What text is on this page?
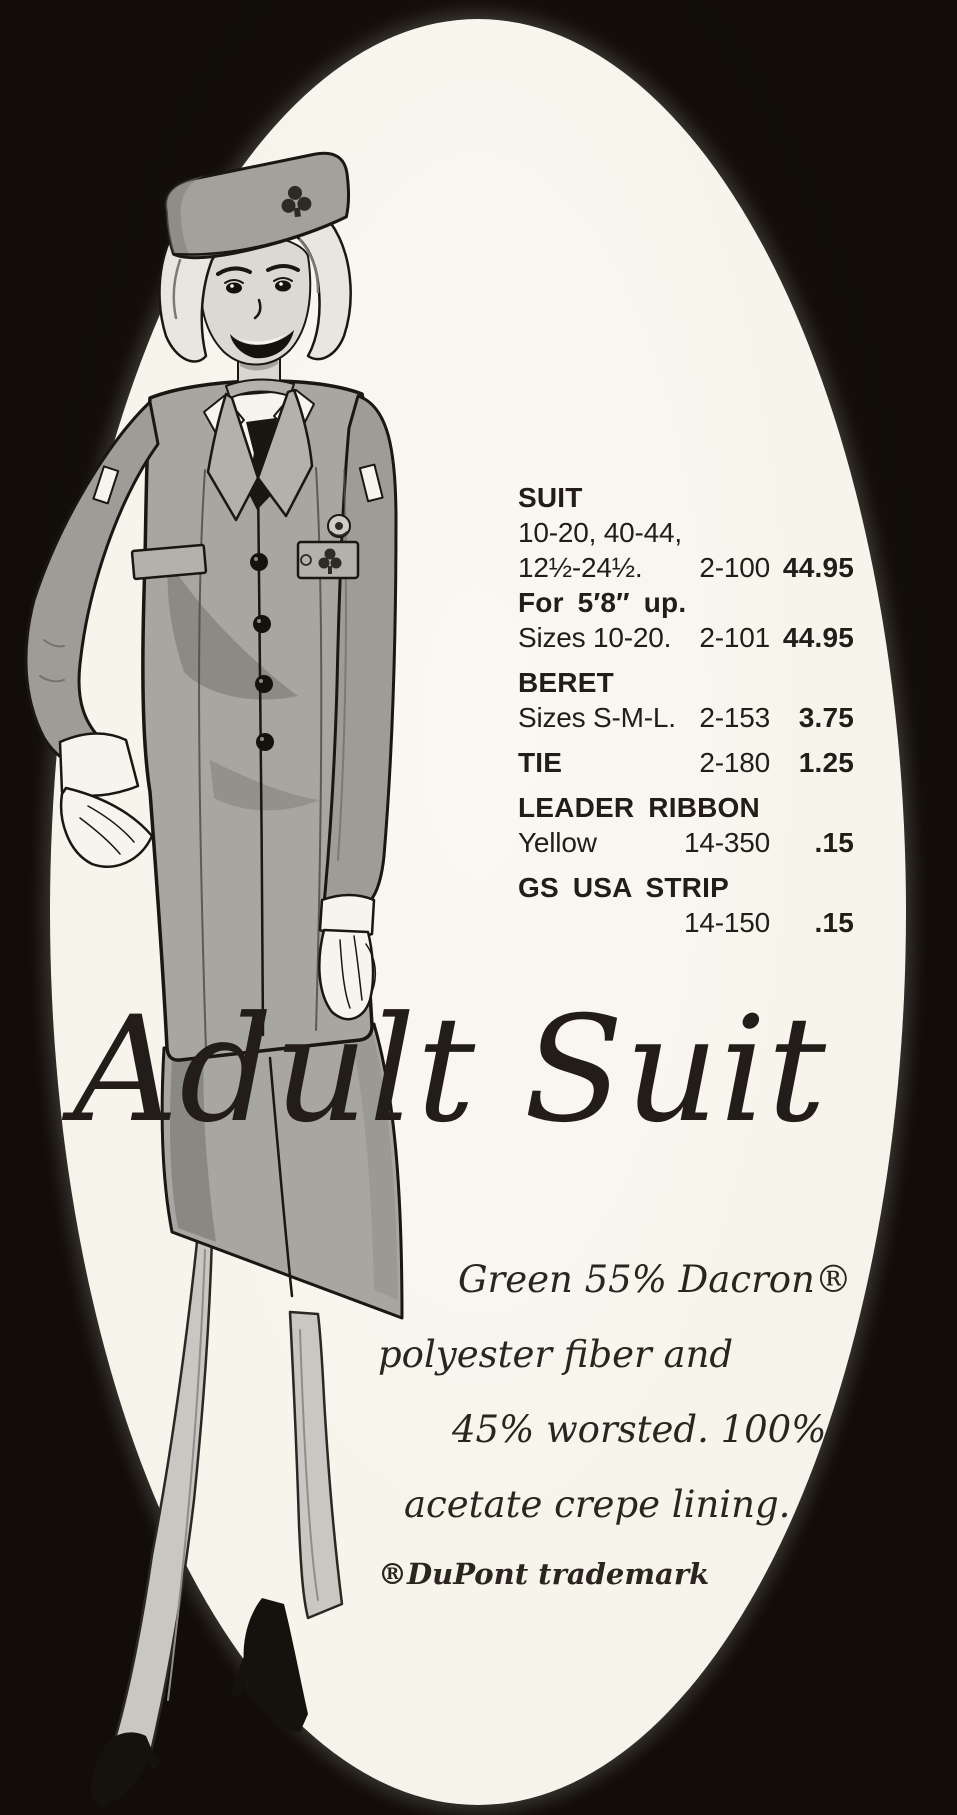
SUIT
10-20, 40-44,
12½-24½.	2-100 44.95
For 5′8″ up.
Sizes 10-20.	2-101 44.95
BERET
Sizes S-M-L. 2-153	3.75
TIE	2-180	1.25
LEADER RIBBON
Yellow	14-350	.15
GS USA STRIP
14-150	.15
Adult Suit
Green 55% Dacron®
polyester fiber and
45% worsted. 100%
acetate crepe lining.
®DuPont trademark
